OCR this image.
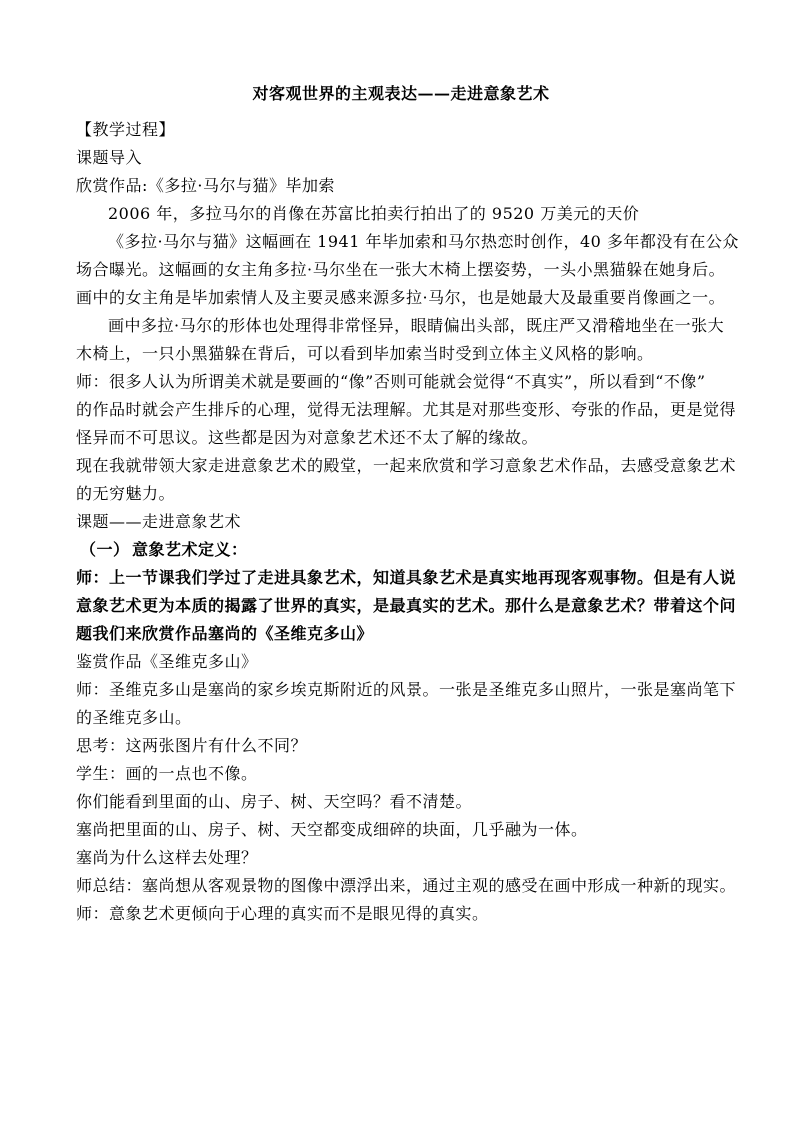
对客观世界的主观表达——走进意象艺术
【教学过程】
课题导入
欣赏作品:《多拉·马尔与猫》毕加索
2006 年，多拉马尔的肖像在苏富比拍卖行拍出了的 9520 万美元的天价
《多拉·马尔与猫》这幅画在 1941 年毕加索和马尔热恋时创作，40 多年都没有在公众
场合曝光。这幅画的女主角多拉·马尔坐在一张大木椅上摆姿势，一头小黑猫躲在她身后。
画中的女主角是毕加索情人及主要灵感来源多拉·马尔，也是她最大及最重要肖像画之一。
画中多拉·马尔的形体也处理得非常怪异，眼睛偏出头部，既庄严又滑稽地坐在一张大
木椅上，一只小黑猫躲在背后，可以看到毕加索当时受到立体主义风格的影响。
师：很多人认为所谓美术就是要画的“像”否则可能就会觉得“不真实”，所以看到“不像”
的作品时就会产生排斥的心理，觉得无法理解。尤其是对那些变形、夸张的作品，更是觉得
怪异而不可思议。这些都是因为对意象艺术还不太了解的缘故。
现在我就带领大家走进意象艺术的殿堂，一起来欣赏和学习意象艺术作品，去感受意象艺术
的无穷魅力。
课题——走进意象艺术
（一） 意象艺术定义：
师：上一节课我们学过了走进具象艺术，知道具象艺术是真实地再现客观事物。但是有人说
意象艺术更为本质的揭露了世界的真实，是最真实的艺术。那什么是意象艺术？带着这个问
题我们来欣赏作品塞尚的《圣维克多山》
鉴赏作品《圣维克多山》
师：圣维克多山是塞尚的家乡埃克斯附近的风景。一张是圣维克多山照片，一张是塞尚笔下
的圣维克多山。
思考：这两张图片有什么不同？
学生：画的一点也不像。
你们能看到里面的山、房子、树、天空吗？看不清楚。
塞尚把里面的山、房子、树、天空都变成细碎的块面，几乎融为一体。
塞尚为什么这样去处理？
师总结：塞尚想从客观景物的图像中漂浮出来，通过主观的感受在画中形成一种新的现实。
师：意象艺术更倾向于心理的真实而不是眼见得的真实。
